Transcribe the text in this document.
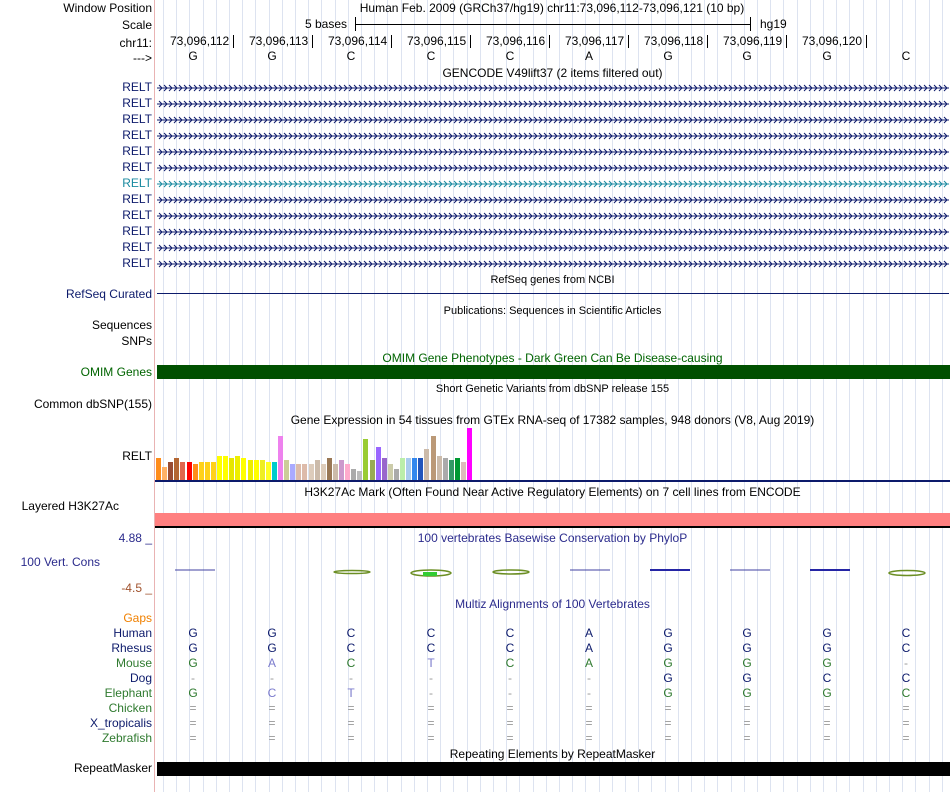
Window Position	Human Feb. 2009 (GRCh37/hg19) chr11:73,096,112-73,096,121 (10 bp)
Scale	5 bases	hg19
chr11: 73,096,112	73,096,113	73,096,114	73,096,115	73,096,116	73,096,117	73,096,118	73,096,119	73,096,120
--->	G	G	C	C	C	A	G	G	G	C
GENCODE V49lift37 (2 items filtered out)
RELT
RELT
RELT
RELT
RELT
RELT
RELT
RELT
RELT
RELT
RELT
RELT
RefSeq genes from NCBI
RefSeq Curated
Publications: Sequences in Scientific Articles
Sequences
SNPs
OMIM Gene Phenotypes - Dark Green Can Be Disease-causing
OMIM Genes
Short Genetic Variants from dbSNP release 155
Common dbSNP(155)
Gene Expression in 54 tissues from GTEx RNA-seq of 17382 samples, 948 donors (V8, Aug 2019)
RELT
H3K27Ac Mark (Often Found Near Active Regulatory Elements) on 7 cell lines from ENCODE
Layered H3K27Ac
4.88 _	100 vertebrates Basewise Conservation by PhyloP
100 Vert. Cons
-4.5 _
Multiz Alignments of 100 Vertebrates
Gaps
Human	G	G	C	C	C	A	G	G	G	C
Rhesus	G	G	C	C	C	A	G	G	G	C
Mouse	G	A	C	T	C	A	G	G	G	-
Dog	-	-	-	-	-	-	G	G	C	C
Elephant	G	C	T	-	-	-	G	G	G	C
Chicken	=	=	=	=	=	=	=	=	=	=
X_tropicalis	=	=	=	=	=	=	=	=	=	=
Zebrafish	=	=	=	=	=	=	=	=	=	=
Repeating Elements by RepeatMasker
RepeatMasker
